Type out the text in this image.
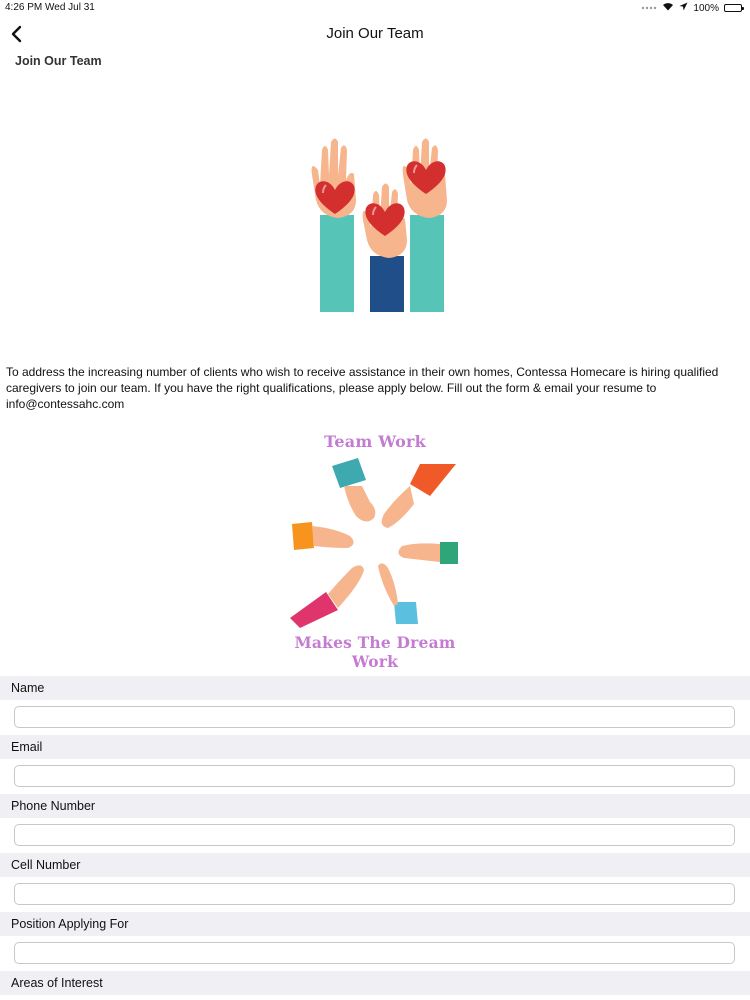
4:26 PM Wed Jul 31	100%
Join Our Team
Join Our Team
To address the increasing number of clients who wish to receive assistance in their own homes, Contessa Homecare is hiring qualified caregivers to join our team. If you have the right qualifications, please apply below. Fill out the form & email your resume to info@contessahc.com
Team Work
Makes The Dream Work
Name
Email
Phone Number
Cell Number
Position Applying For
Areas of Interest
